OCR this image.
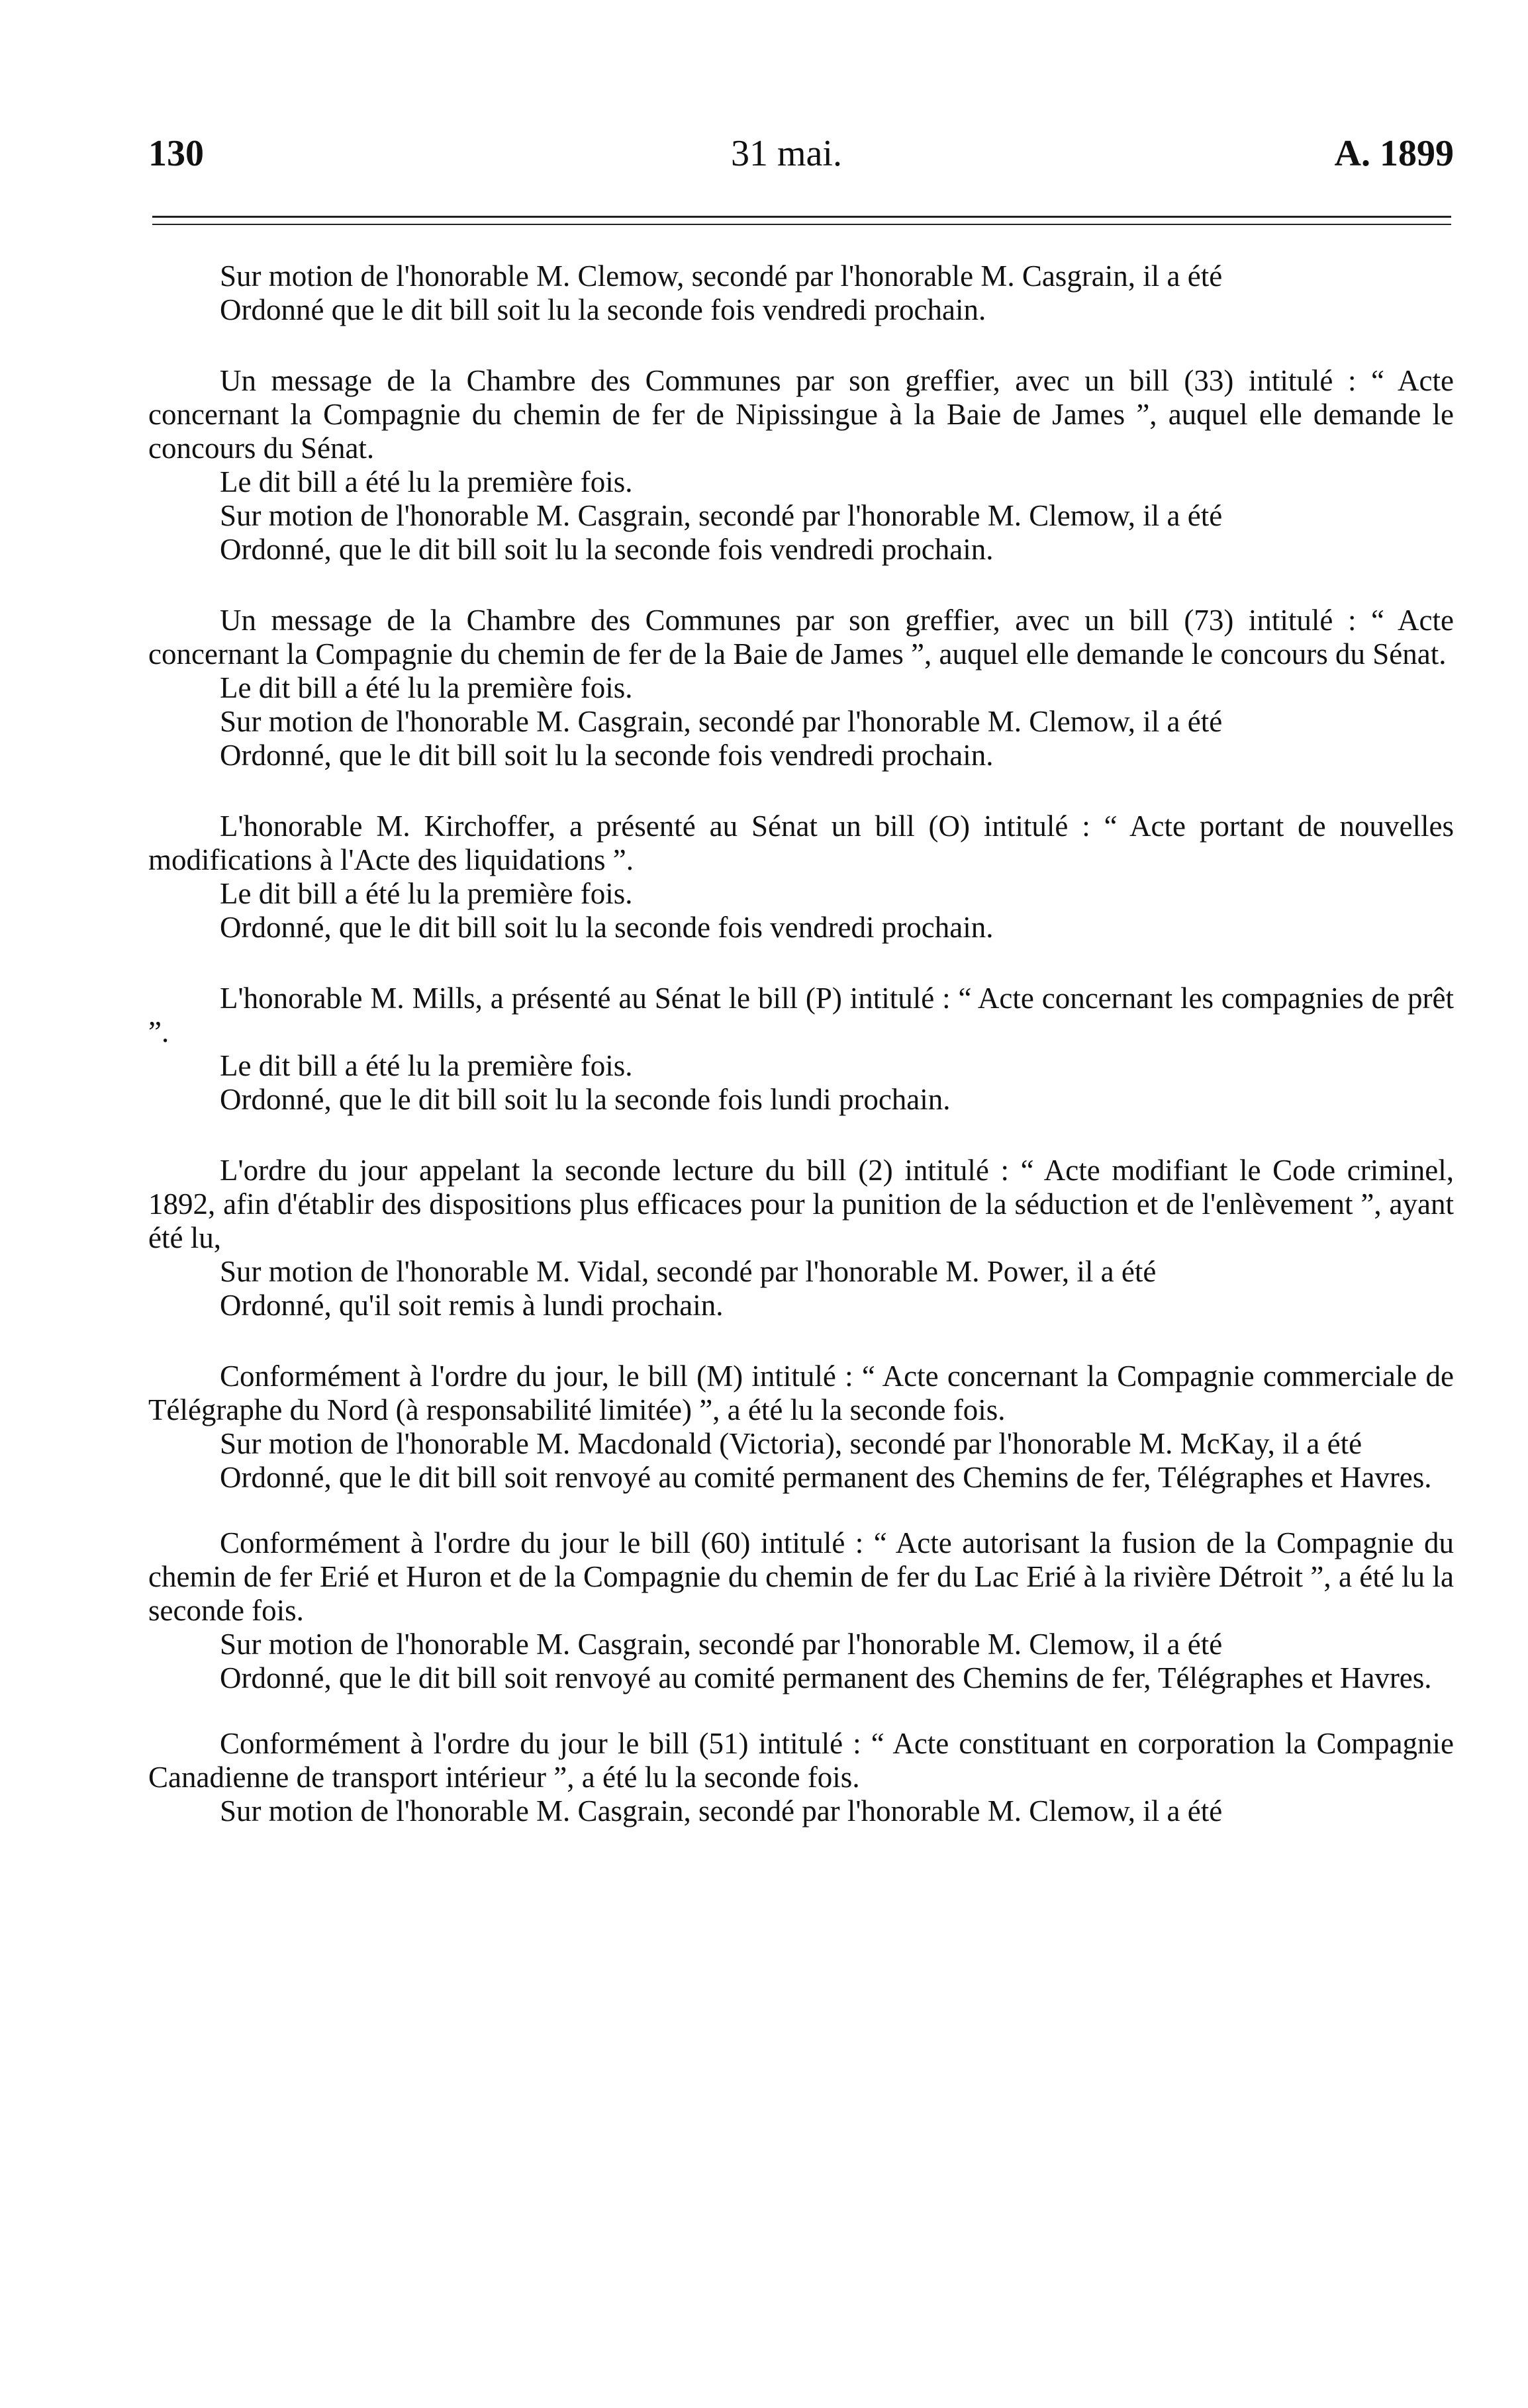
130	31 mai.	A. 1899

Sur motion de l'honorable M. Clemow, secondé par l'honorable M. Casgrain, il a été

Ordonné que le dit bill soit lu la seconde fois vendredi prochain.

Un message de la Chambre des Communes par son greffier, avec un bill (33) intitulé : “ Acte concernant la Compagnie du chemin de fer de Nipissingue à la Baie de James ”, auquel elle demande le concours du Sénat.

Le dit bill a été lu la première fois.

Sur motion de l'honorable M. Casgrain, secondé par l'honorable M. Clemow, il a été

Ordonné, que le dit bill soit lu la seconde fois vendredi prochain.

Un message de la Chambre des Communes par son greffier, avec un bill (73) intitulé : “ Acte concernant la Compagnie du chemin de fer de la Baie de James ”, auquel elle demande le concours du Sénat.

Le dit bill a été lu la première fois.

Sur motion de l'honorable M. Casgrain, secondé par l'honorable M. Clemow, il a été

Ordonné, que le dit bill soit lu la seconde fois vendredi prochain.

L'honorable M. Kirchoffer, a présenté au Sénat un bill (O) intitulé : “ Acte portant de nouvelles modifications à l'Acte des liquidations ”.

Le dit bill a été lu la première fois.

Ordonné, que le dit bill soit lu la seconde fois vendredi prochain.

L'honorable M. Mills, a présenté au Sénat le bill (P) intitulé : “ Acte concernant les compagnies de prêt ”.

Le dit bill a été lu la première fois.

Ordonné, que le dit bill soit lu la seconde fois lundi prochain.

L'ordre du jour appelant la seconde lecture du bill (2) intitulé : “ Acte modifiant le Code criminel, 1892, afin d'établir des dispositions plus efficaces pour la punition de la séduction et de l'enlèvement ”, ayant été lu,

Sur motion de l'honorable M. Vidal, secondé par l'honorable M. Power, il a été

Ordonné, qu'il soit remis à lundi prochain.

Conformément à l'ordre du jour, le bill (M) intitulé : “ Acte concernant la Compagnie commerciale de Télégraphe du Nord (à responsabilité limitée) ”, a été lu la seconde fois.

Sur motion de l'honorable M. Macdonald (Victoria), secondé par l'honorable M. McKay, il a été

Ordonné, que le dit bill soit renvoyé au comité permanent des Chemins de fer, Télégraphes et Havres.

Conformément à l'ordre du jour le bill (60) intitulé : “ Acte autorisant la fusion de la Compagnie du chemin de fer Erié et Huron et de la Compagnie du chemin de fer du Lac Erié à la rivière Détroit ”, a été lu la seconde fois.

Sur motion de l'honorable M. Casgrain, secondé par l'honorable M. Clemow, il a été

Ordonné, que le dit bill soit renvoyé au comité permanent des Chemins de fer, Télégraphes et Havres.

Conformément à l'ordre du jour le bill (51) intitulé : “ Acte constituant en corporation la Compagnie Canadienne de transport intérieur ”, a été lu la seconde fois.

Sur motion de l'honorable M. Casgrain, secondé par l'honorable M. Clemow, il a été
